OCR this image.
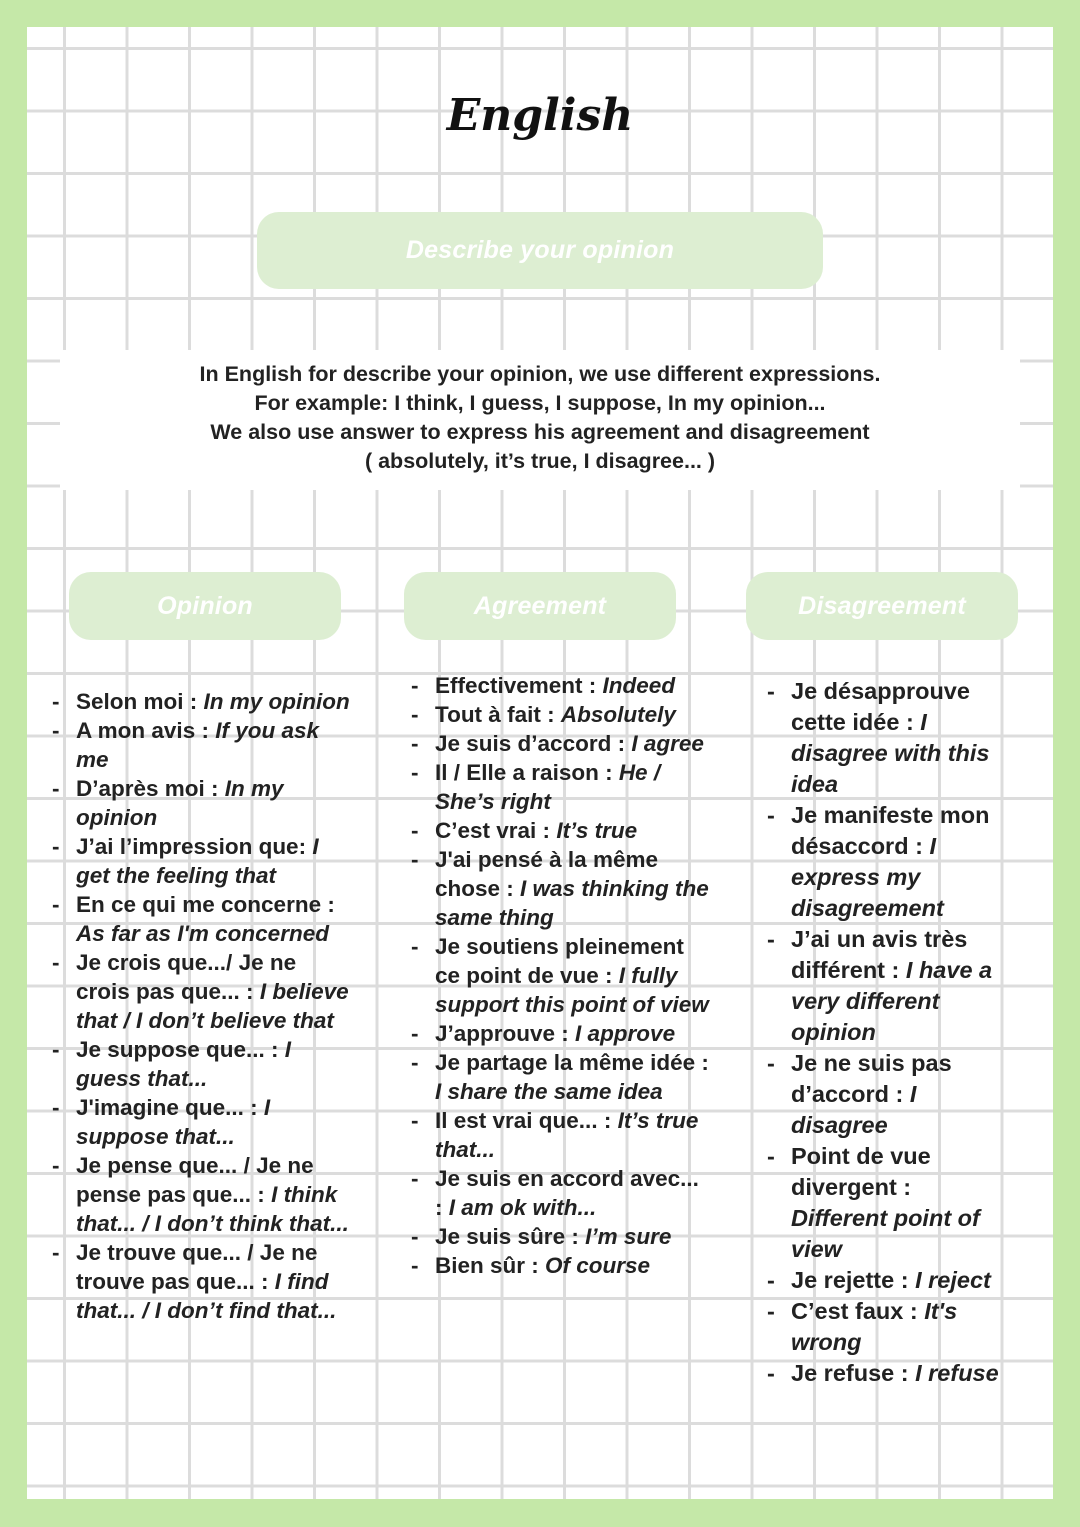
English
Describe your opinion
In English for describe your opinion, we use different expressions.
For example: I think, I guess, I suppose, In my opinion...
We also use answer to express his agreement and disagreement
( absolutely, it’s true, I disagree... )
Opinion	Agreement	Disagreement
- Selon moi : In my opinion
- A mon avis : If you ask me
- D’après moi : In my opinion
- J’ai l’impression que: I get the feeling that
- En ce qui me concerne : As far as I'm concerned
- Je crois que.../ Je ne crois pas que... : I believe that / I don’t believe that
- Je suppose que... : I guess that...
- J'imagine que... : I suppose that...
- Je pense que... / Je ne pense pas que... : I think that... / I don’t think that...
- Je trouve que... / Je ne trouve pas que... : I find that... / I don’t find that...
- Effectivement : Indeed
- Tout à fait : Absolutely
- Je suis d’accord : I agree
- Il / Elle a raison : He / She’s right
- C’est vrai : It’s true
- J'ai pensé à la même chose : I was thinking the same thing
- Je soutiens pleinement ce point de vue : I fully support this point of view
- J’approuve : I approve
- Je partage la même idée : I share the same idea
- Il est vrai que... : It’s true that...
- Je suis en accord avec... : I am ok with...
- Je suis sûre : I’m sure
- Bien sûr : Of course
- Je désapprouve cette idée : I disagree with this idea
- Je manifeste mon désaccord : I express my disagreement
- J’ai un avis très différent : I have a very different opinion
- Je ne suis pas d’accord : I disagree
- Point de vue divergent : Different point of view
- Je rejette : I reject
- C’est faux : It's wrong
- Je refuse : I refuse
